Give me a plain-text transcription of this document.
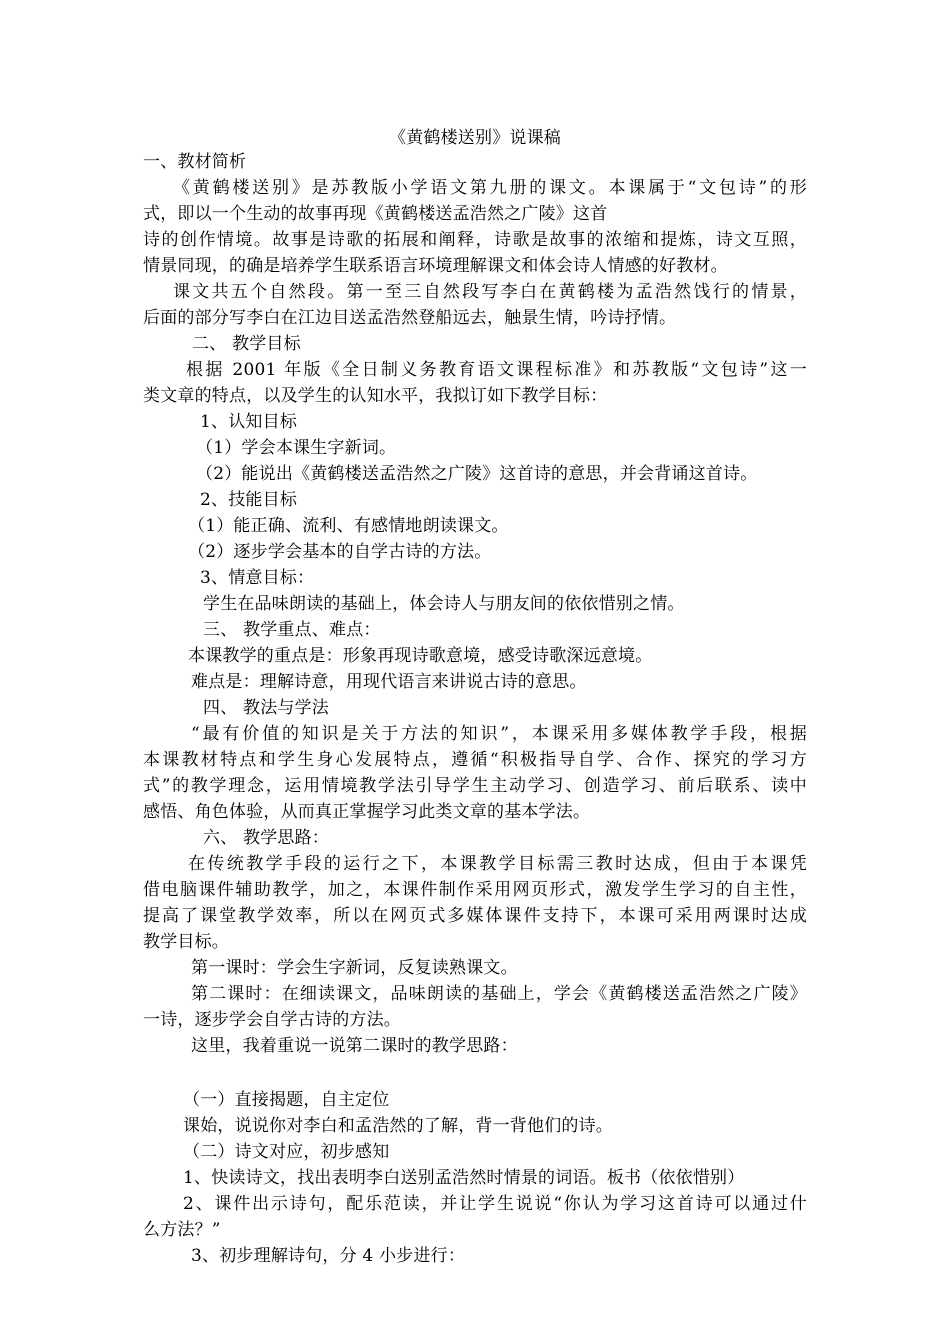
《黄鹤楼送别》说课稿
一、教材简析
《黄鹤楼送别》是苏教版小学语文第九册的课文。本课属于“文包诗”的形
式，即以一个生动的故事再现《黄鹤楼送孟浩然之广陵》这首
诗的创作情境。故事是诗歌的拓展和阐释，诗歌是故事的浓缩和提炼，诗文互照，
情景同现，的确是培养学生联系语言环境理解课文和体会诗人情感的好教材。
课文共五个自然段。第一至三自然段写李白在黄鹤楼为孟浩然饯行的情景，
后面的部分写李白在江边目送孟浩然登船远去，触景生情，吟诗抒情。
二、 教学目标
根据 2001 年版《全日制义务教育语文课程标准》和苏教版“文包诗”这一
类文章的特点，以及学生的认知水平，我拟订如下教学目标：
1、认知目标
（1）学会本课生字新词。
（2）能说出《黄鹤楼送孟浩然之广陵》这首诗的意思，并会背诵这首诗。
2、技能目标
（1）能正确、流利、有感情地朗读课文。
（2）逐步学会基本的自学古诗的方法。
3、情意目标：
学生在品味朗读的基础上，体会诗人与朋友间的依依惜别之情。
三、 教学重点、难点：
本课教学的重点是：形象再现诗歌意境，感受诗歌深远意境。
难点是：理解诗意，用现代语言来讲说古诗的意思。
四、 教法与学法
“最有价值的知识是关于方法的知识”，本课采用多媒体教学手段，根据
本课教材特点和学生身心发展特点，遵循“积极指导自学、合作、探究的学习方
式”的教学理念，运用情境教学法引导学生主动学习、创造学习、前后联系、读中
感悟、角色体验，从而真正掌握学习此类文章的基本学法。
六、 教学思路：
在传统教学手段的运行之下，本课教学目标需三教时达成，但由于本课凭
借电脑课件辅助教学，加之，本课件制作采用网页形式，激发学生学习的自主性，
提高了课堂教学效率，所以在网页式多媒体课件支持下，本课可采用两课时达成
教学目标。
第一课时：学会生字新词，反复读熟课文。
第二课时：在细读课文，品味朗读的基础上，学会《黄鹤楼送孟浩然之广陵》
一诗，逐步学会自学古诗的方法。
这里，我着重说一说第二课时的教学思路：
（一）直接揭题，自主定位
课始，说说你对李白和孟浩然的了解，背一背他们的诗。
（二）诗文对应，初步感知
1、快读诗文，找出表明李白送别孟浩然时情景的词语。板书（依依惜别）
2、课件出示诗句，配乐范读，并让学生说说“你认为学习这首诗可以通过什
么方法？”
3、初步理解诗句，分 4 小步进行：
